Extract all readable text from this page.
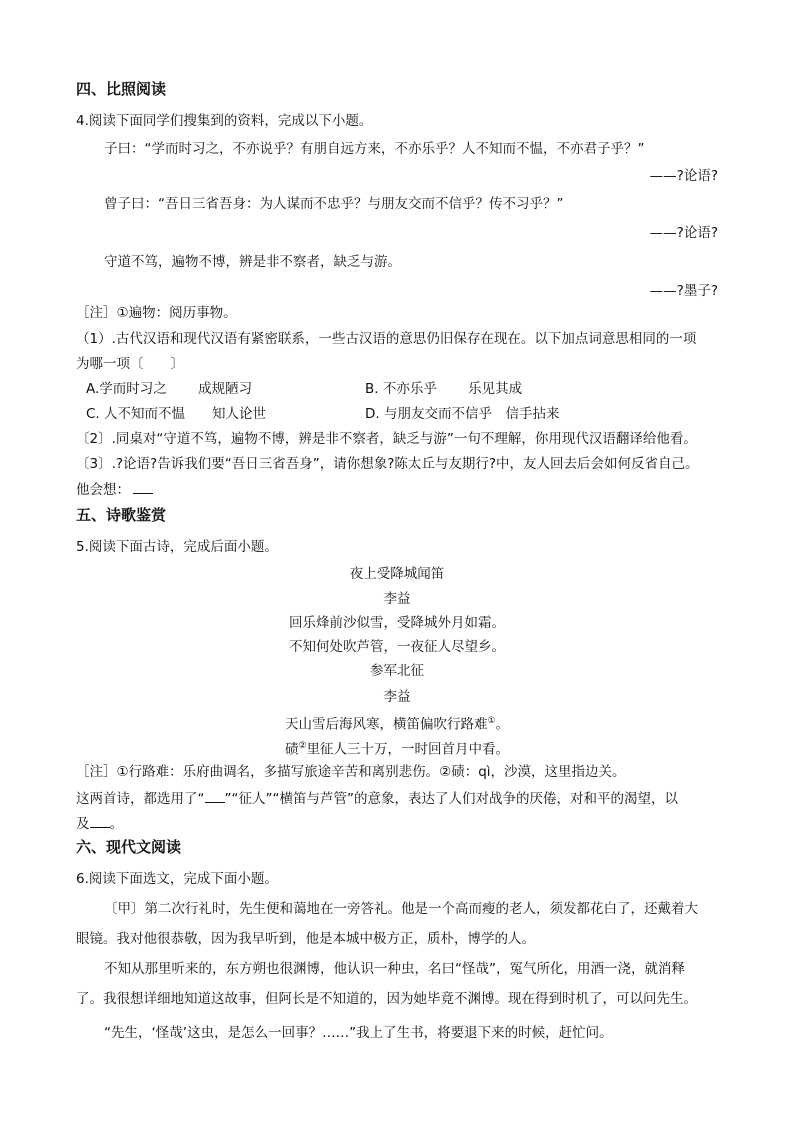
四、比照阅读
4.阅读下面同学们搜集到的资料，完成以下小题。
子曰：“学而时习之，不亦说乎？有朋自远方来，不亦乐乎？人不知而不愠，不亦君子乎？”
——?论语?
曾子曰：“吾日三省吾身：为人谋而不忠乎？与朋友交而不信乎？传不习乎？”
——?论语?
守道不笃，遍物不博，辨是非不察者，缺乏与游。
——?墨子?
［注］①遍物：阅历事物。
（1）.古代汉语和现代汉语有紧密联系，一些古汉语的意思仍旧保存在现在。以下加点词意思相同的一项
为哪一项〔　　〕
A.学而时习之　　 成规陋习	B. 不亦乐乎　　 乐见其成
C. 人不知而不愠　　知人论世	D. 与朋友交而不信乎　信手拈来
〔2〕.同桌对“守道不笃，遍物不博，辨是非不察者，缺乏与游”一句不理解，你用现代汉语翻译给他看。
〔3〕.?论语?告诉我们要“吾日三省吾身”，请你想象?陈太丘与友期行?中，友人回去后会如何反省自己。
他会想：
五、诗歌鉴赏
5.阅读下面古诗，完成后面小题。
夜上受降城闻笛
李益
回乐烽前沙似雪，受降城外月如霜。
不知何处吹芦管，一夜征人尽望乡。
参军北征
李益
天山雪后海风寒，横笛偏吹行路难①。
碛②里征人三十万，一时回首月中看。
［注］①行路难：乐府曲调名，多描写旅途辛苦和离别悲伤。②碛：qì，沙漠，这里指边关。
这两首诗，都选用了“ ”“征人”“横笛与芦管”的意象，表达了人们对战争的厌倦，对和平的渴望，以
及 。
六、现代文阅读
6.阅读下面选文，完成下面小题。
〔甲〕第二次行礼时，先生便和蔼地在一旁答礼。他是一个高而瘦的老人，须发都花白了，还戴着大
眼镜。我对他很恭敬，因为我早听到，他是本城中极方正，质朴，博学的人。
不知从那里听来的，东方朔也很渊博，他认识一种虫，名曰“怪哉”，冤气所化，用酒一浇，就消释
了。我很想详细地知道这故事，但阿长是不知道的，因为她毕竟不渊博。现在得到时机了，可以问先生。
“先生，‘怪哉’这虫，是怎么一回事？……”我上了生书，将要退下来的时候，赶忙问。
